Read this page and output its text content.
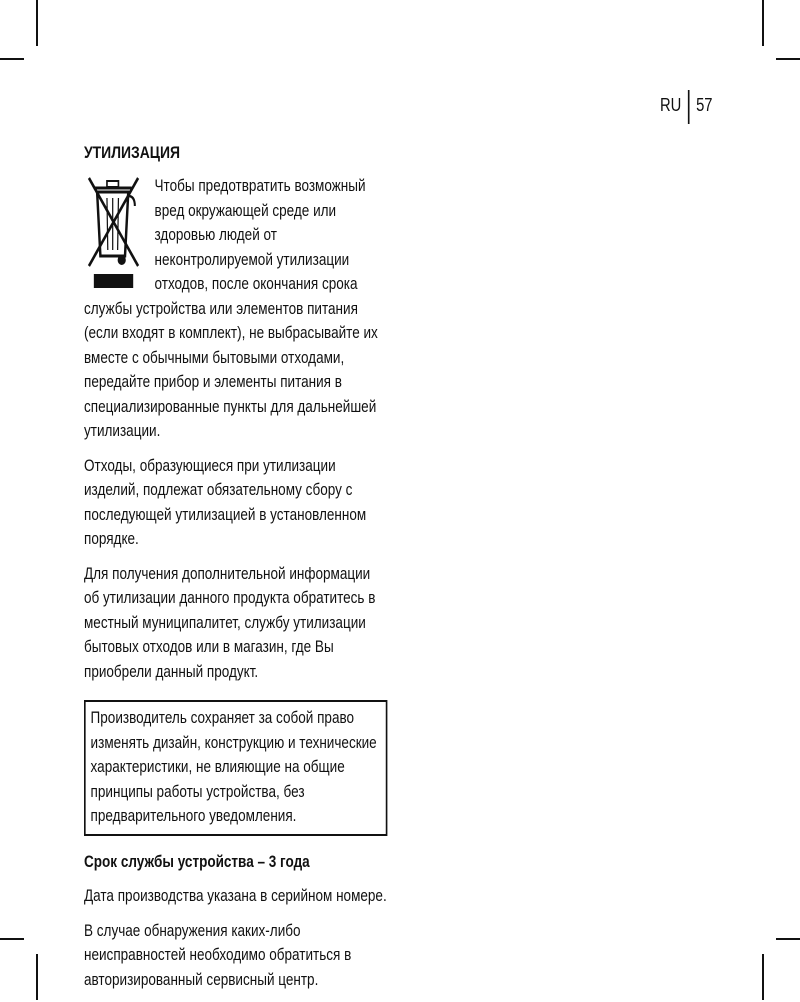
RU 57
УТИЛИЗАЦИЯ

Чтобы предотвратить возможный вред окружающей среде или здоровью людей от неконтролируемой утилизации отходов, после окончания срока службы устройства или элементов питания (если входят в комплект), не выбрасывайте их вместе с обычными бытовыми отходами, передайте прибор и элементы питания в специализированные пункты для дальнейшей утилизации.

Отходы, образующиеся при утилизации изделий, подлежат обязательному сбору с последующей утилизацией в установленном порядке.

Для получения дополнительной информации об утилизации данного продукта обратитесь в местный муниципалитет, службу утилизации бытовых отходов или в магазин, где Вы приобрели данный продукт.

Производитель сохраняет за собой право изменять дизайн, конструкцию и технические характеристики, не влияющие на общие принципы работы устройства, без предварительного уведомления.
Срок службы устройства – 3 года

Дата производства указана в серийном номере.

В случае обнаружения каких-либо неисправностей необходимо обратиться в авторизированный сервисный центр.
